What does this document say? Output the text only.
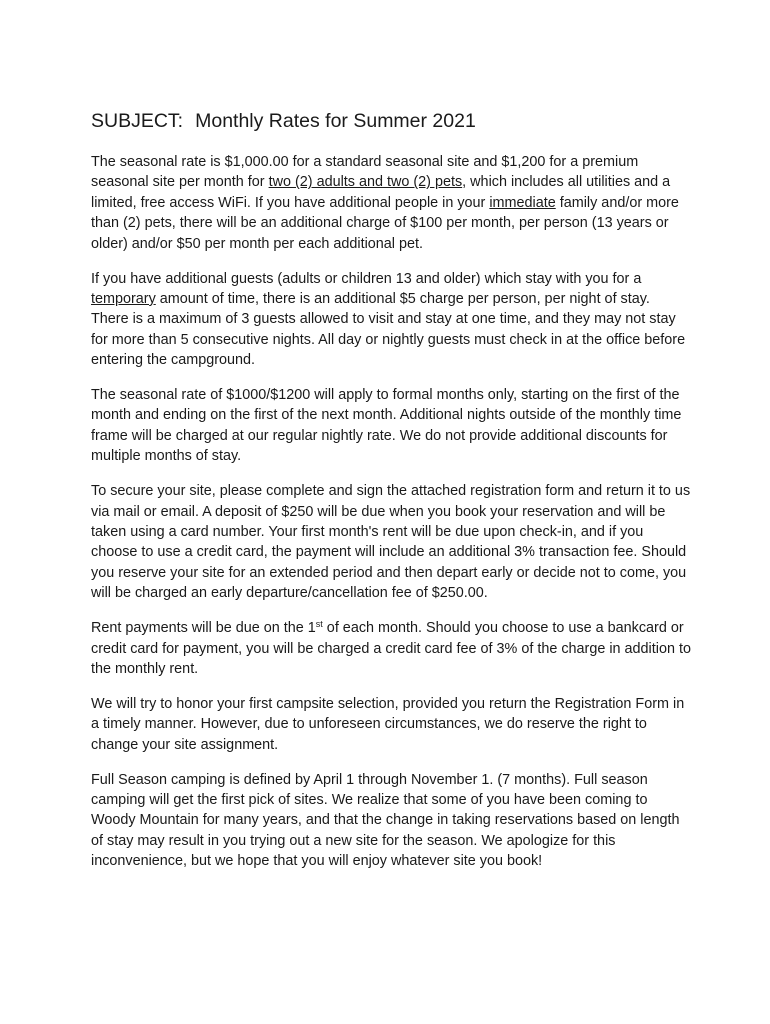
SUBJECT: Monthly Rates for Summer 2021

The seasonal rate is $1,000.00 for a standard seasonal site and $1,200 for a premium seasonal site per month for two (2) adults and two (2) pets, which includes all utilities and a limited, free access WiFi. If you have additional people in your immediate family and/or more than (2) pets, there will be an additional charge of $100 per month, per person (13 years or older) and/or $50 per month per each additional pet.

If you have additional guests (adults or children 13 and older) which stay with you for a temporary amount of time, there is an additional $5 charge per person, per night of stay. There is a maximum of 3 guests allowed to visit and stay at one time, and they may not stay for more than 5 consecutive nights. All day or nightly guests must check in at the office before entering the campground.

The seasonal rate of $1000/$1200 will apply to formal months only, starting on the first of the month and ending on the first of the next month. Additional nights outside of the monthly time frame will be charged at our regular nightly rate. We do not provide additional discounts for multiple months of stay.

To secure your site, please complete and sign the attached registration form and return it to us via mail or email. A deposit of $250 will be due when you book your reservation and will be taken using a card number. Your first month's rent will be due upon check-in, and if you choose to use a credit card, the payment will include an additional 3% transaction fee. Should you reserve your site for an extended period and then depart early or decide not to come, you will be charged an early departure/cancellation fee of $250.00.

Rent payments will be due on the 1st of each month. Should you choose to use a bankcard or credit card for payment, you will be charged a credit card fee of 3% of the charge in addition to the monthly rent.

We will try to honor your first campsite selection, provided you return the Registration Form in a timely manner. However, due to unforeseen circumstances, we do reserve the right to change your site assignment.

Full Season camping is defined by April 1 through November 1. (7 months). Full season camping will get the first pick of sites. We realize that some of you have been coming to Woody Mountain for many years, and that the change in taking reservations based on length of stay may result in you trying out a new site for the season. We apologize for this inconvenience, but we hope that you will enjoy whatever site you book!
